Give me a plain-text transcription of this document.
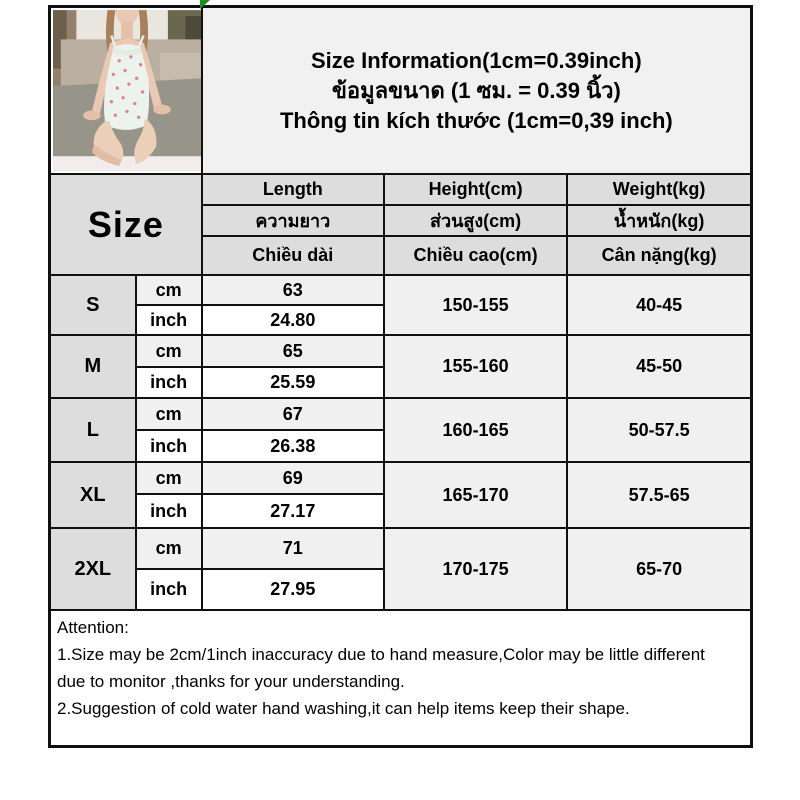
Size Information(1cm=0.39inch)
ข้อมูลขนาด (1 ซม. = 0.39 นิ้ว)
Thông tin kích thước (1cm=0,39 inch)		

Size		Length	Height(cm)	Weight(kg)
		ความยาว	ส่วนสูง(cm)	น้ำหนัก(kg)
		Chiều dài	Chiều cao(cm)	Cân nặng(kg)
S	cm	63	150-155	40-45
	inch	24.80		
M	cm	65	155-160	45-50
	inch	25.59		
L	cm	67	160-165	50-57.5
	inch	26.38		
XL	cm	69	165-170	57.5-65
	inch	27.17		
2XL	cm	71	170-175	65-70
	inch	27.95		

Attention:
1.Size may be 2cm/1inch inaccuracy due to hand measure,Color may be little different due to monitor ,thanks for your understanding.
2.Suggestion of cold water hand washing,it can help items keep their shape.				
